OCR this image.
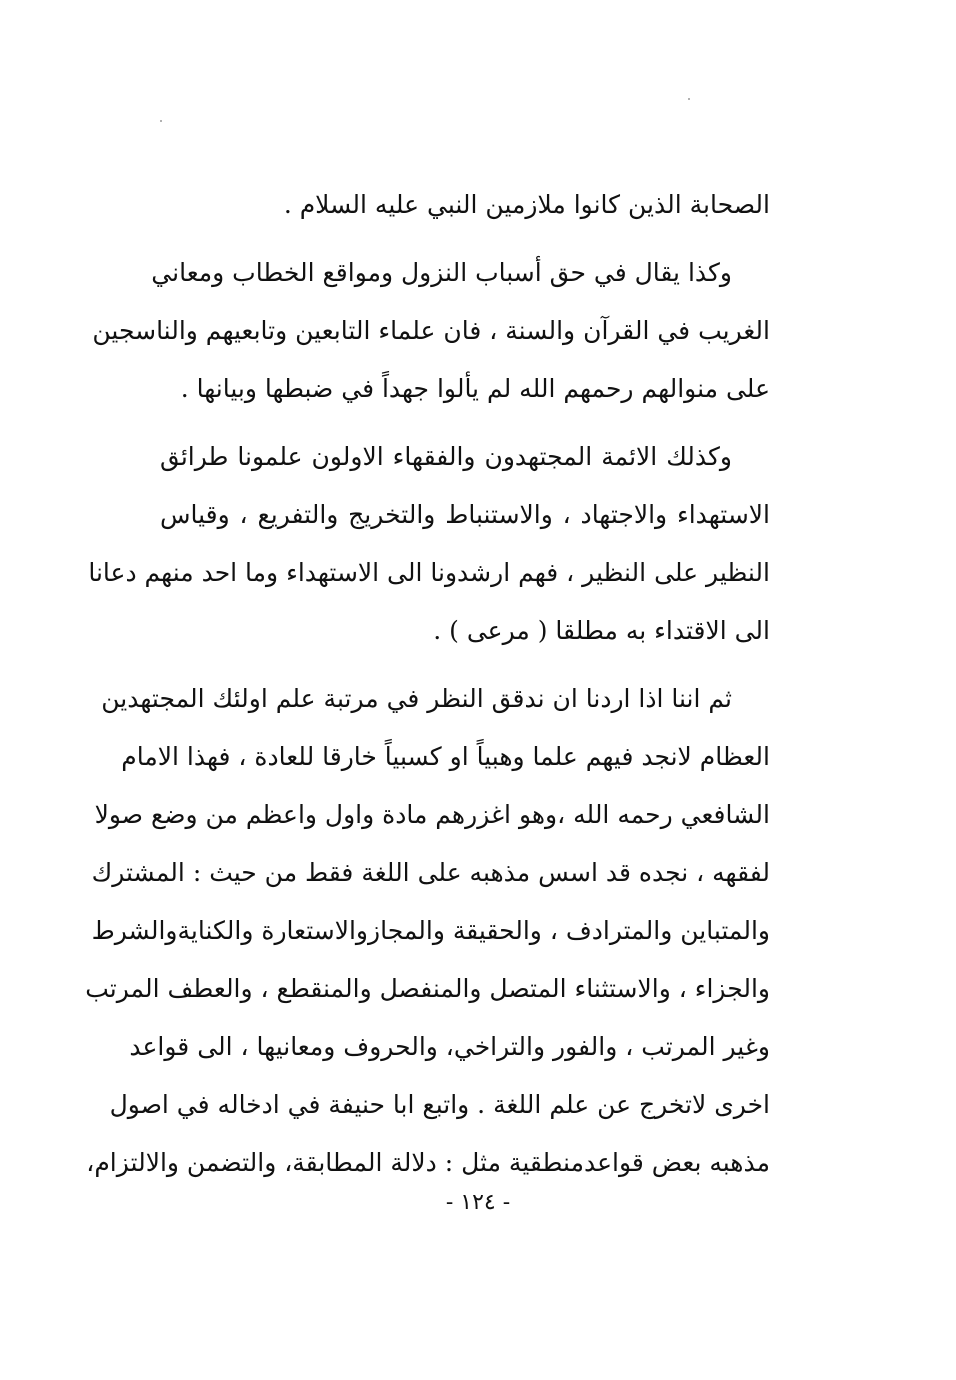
الصحابة الذين كانوا ملازمين النبي عليه السلام .
وكذا يقال في حق أسباب النزول ومواقع الخطاب ومعاني
الغريب في القرآن والسنة ، فان علماء التابعين وتابعيهم والناسجين
على منوالهم رحمهم الله لم يألوا جهداً في ضبطها وبيانها .
وكذلك الائمة المجتهدون والفقهاء الاولون علمونا طرائق
الاستهداء والاجتهاد ، والاستنباط والتخريج والتفريع ، وقياس
النظير على النظير ، فهم ارشدونا الى الاستهداء وما احد منهم دعانا
الى الاقتداء به مطلقا ( مرعى ) .
ثم اننا اذا اردنا ان ندقق النظر في مرتبة علم اولئك المجتهدين
العظام لانجد فيهم علما وهبياً او كسبياً خارقا للعادة ، فهذا الامام
الشافعي رحمه الله ،وهو اغزرهم مادة واول واعظم من وضع صولا
لفقهه ، نجده قد اسس مذهبه على اللغة فقط من حيث : المشترك
والمتباين والمترادف ، والحقيقة والمجازوالاستعارة والكنايةوالشرط
والجزاء ، والاستثناء المتصل والمنفصل والمنقطع ، والعطف المرتب
وغير المرتب ، والفور والتراخي، والحروف ومعانيها ، الى قواعد
اخرى لاتخرج عن علم اللغة . واتبع ابا حنيفة في ادخاله في اصول
مذهبه بعض قواعدمنطقية مثل : دلالة المطابقة، والتضمن والالتزام،
- ١٢٤ -
